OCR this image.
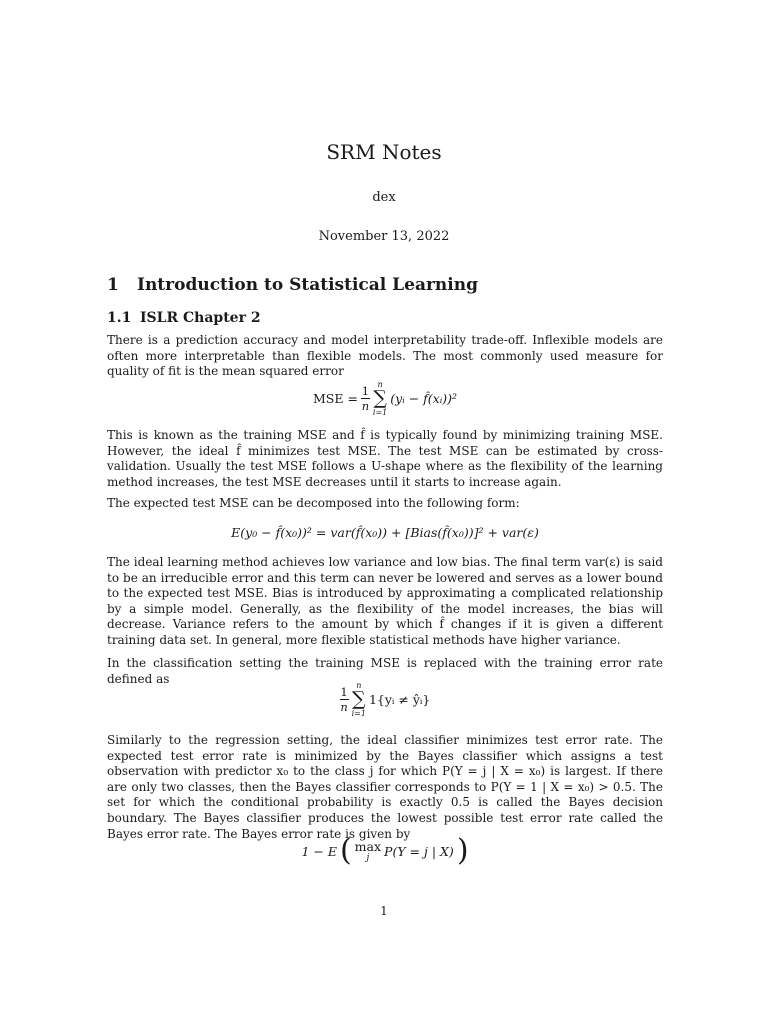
SRM Notes
dex
November 13, 2022
1 Introduction to Statistical Learning
1.1 ISLR Chapter 2

There is a prediction accuracy and model interpretability trade-off. Inflexible models are often more interpretable than flexible models. The most commonly used measure for quality of fit is the mean squared error

MSE = $\frac{1}{n}$
n
∑
i=1
(yᵢ − f̂(xᵢ))²

This is known as the training MSE and f̂ is typically found by minimizing training MSE. However, the ideal f̂ minimizes test MSE. The test MSE can be estimated by cross-validation. Usually the test MSE follows a U-shape where as the flexibility of the learning method increases, the test MSE decreases until it starts to increase again.

The expected test MSE can be decomposed into the following form:

E(y₀ − f̂(x₀))² = var(f̂(x₀)) + [Bias(f̂(x₀))]² + var(ε)

The ideal learning method achieves low variance and low bias. The final term var(ε) is said to be an irreducible error and this term can never be lowered and serves as a lower bound to the expected test MSE. Bias is introduced by approximating a complicated relationship by a simple model. Generally, as the flexibility of the model increases, the bias will decrease. Variance refers to the amount by which f̂ changes if it is given a different training data set. In general, more flexible statistical methods have higher variance.

In the classification setting the training MSE is replaced with the training error rate defined as

$\frac{1}{n}$
n
∑
i=1
1{yᵢ ≠ ŷᵢ}

Similarly to the regression setting, the ideal classifier minimizes test error rate. The expected test error rate is minimized by the Bayes classifier which assigns a test observation with predictor x₀ to the class j for which P(Y = j | X = x₀) is largest. If there are only two classes, then the Bayes classifier corresponds to P(Y = 1 | X = x₀) > 0.5. The set for which the conditional probability is exactly 0.5 is called the Bayes decision boundary. The Bayes classifier produces the lowest possible test error rate called the Bayes error rate. The Bayes error rate is given by

1 − E ( max
j P(Y = j | X) )
1
